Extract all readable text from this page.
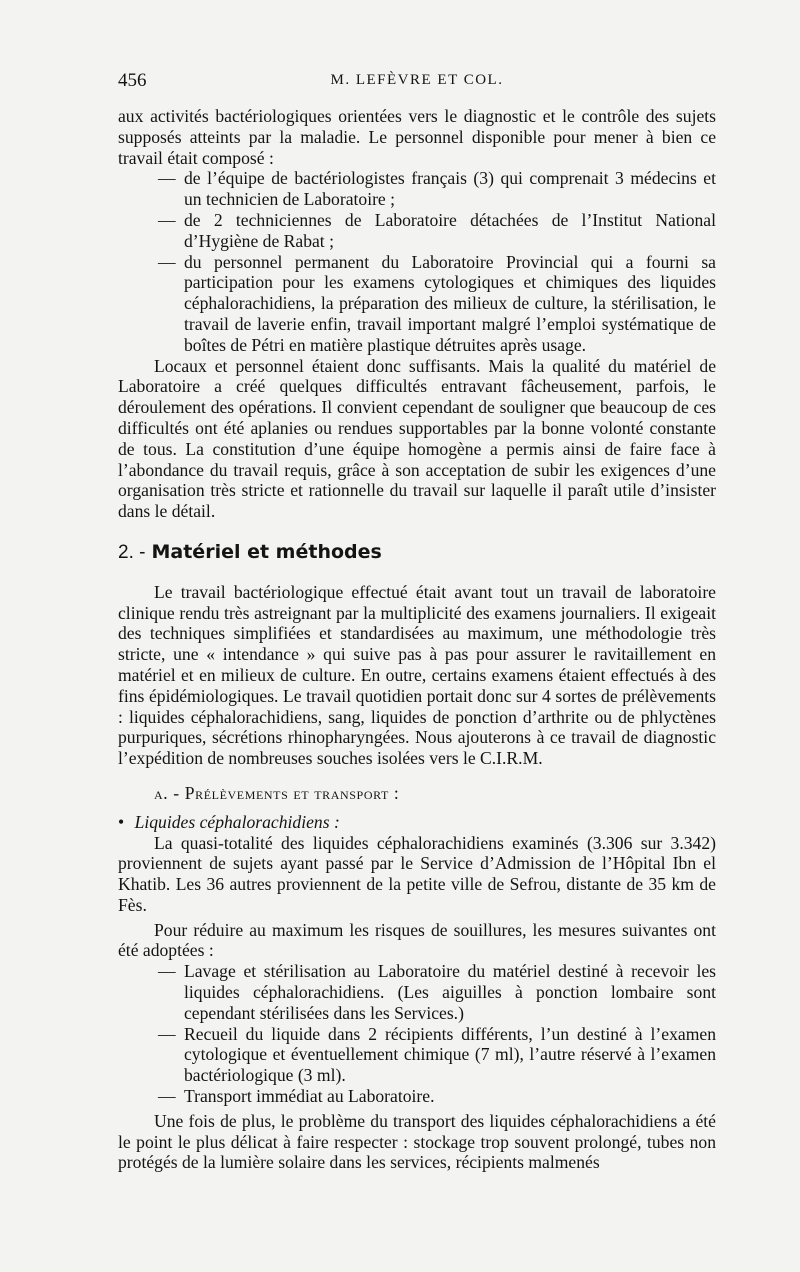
456	M. LEFÈVRE ET COL.

aux activités bactériologiques orientées vers le diagnostic et le contrôle des sujets supposés atteints par la maladie. Le personnel disponible pour mener à bien ce travail était composé :

— de l’équipe de bactériologistes français (3) qui comprenait 3 médecins et un technicien de Laboratoire ;
— de 2 techniciennes de Laboratoire détachées de l’Institut National d’Hygiène de Rabat ;
— du personnel permanent du Laboratoire Provincial qui a fourni sa participation pour les examens cytologiques et chimiques des liquides céphalorachidiens, la préparation des milieux de culture, la stérilisation, le travail de laverie enfin, travail important malgré l’emploi systématique de boîtes de Pétri en matière plastique détruites après usage.

Locaux et personnel étaient donc suffisants. Mais la qualité du matériel de Laboratoire a créé quelques difficultés entravant fâcheusement, parfois, le déroulement des opérations. Il convient cependant de souligner que beaucoup de ces difficultés ont été aplanies ou rendues supportables par la bonne volonté constante de tous. La constitution d’une équipe homogène a permis ainsi de faire face à l’abondance du travail requis, grâce à son acceptation de subir les exigences d’une organisation très stricte et rationnelle du travail sur laquelle il paraît utile d’insister dans le détail.

2. - Matériel et méthodes

Le travail bactériologique effectué était avant tout un travail de laboratoire clinique rendu très astreignant par la multiplicité des examens journaliers. Il exigeait des techniques simplifiées et standardisées au maximum, une méthodologie très stricte, une « intendance » qui suive pas à pas pour assurer le ravitaillement en matériel et en milieux de culture. En outre, certains examens étaient effectués à des fins épidémiologiques. Le travail quotidien portait donc sur 4 sortes de prélèvements : liquides céphalorachidiens, sang, liquides de ponction d’arthrite ou de phlyctènes purpuriques, sécrétions rhinopharyngées. Nous ajouterons à ce travail de diagnostic l’expédition de nombreuses souches isolées vers le C.I.R.M.

a. - Prélèvements et transport :
• Liquides céphalorachidiens :

La quasi-totalité des liquides céphalorachidiens examinés (3.306 sur 3.342) proviennent de sujets ayant passé par le Service d’Admission de l’Hôpital Ibn el Khatib. Les 36 autres proviennent de la petite ville de Sefrou, distante de 35 km de Fès.

Pour réduire au maximum les risques de souillures, les mesures suivantes ont été adoptées :

— Lavage et stérilisation au Laboratoire du matériel destiné à recevoir les liquides céphalorachidiens. (Les aiguilles à ponction lombaire sont cependant stérilisées dans les Services.)
— Recueil du liquide dans 2 récipients différents, l’un destiné à l’examen cytologique et éventuellement chimique (7 ml), l’autre réservé à l’examen bactériologique (3 ml).
— Transport immédiat au Laboratoire.

Une fois de plus, le problème du transport des liquides céphalorachidiens a été le point le plus délicat à faire respecter : stockage trop souvent prolongé, tubes non protégés de la lumière solaire dans les services, récipients malmenés
